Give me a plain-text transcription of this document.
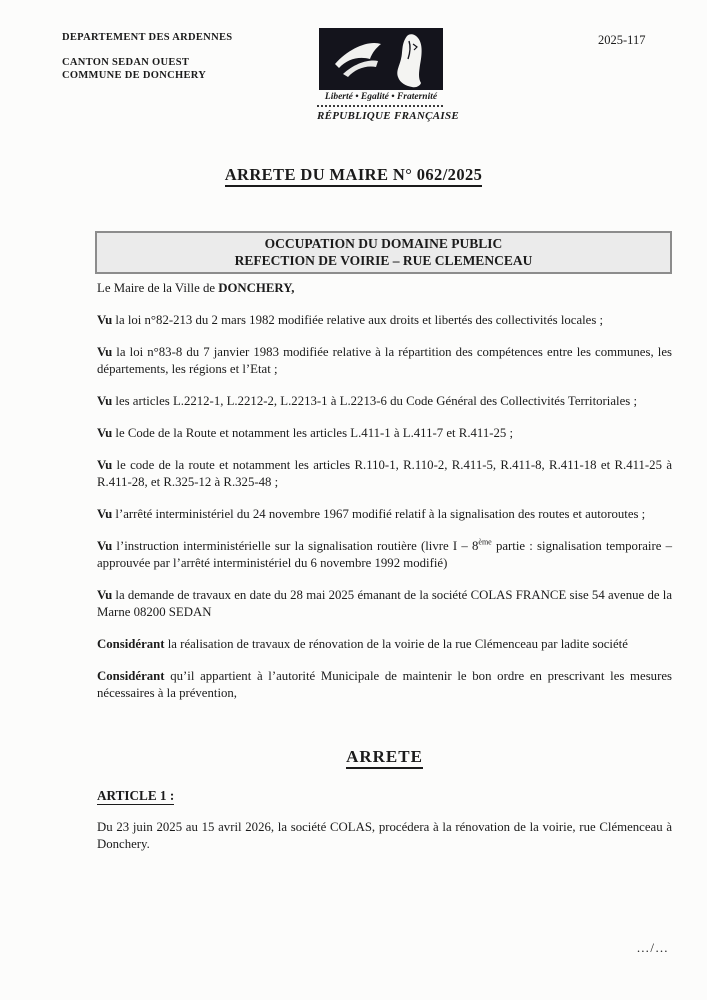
DEPARTEMENT DES ARDENNES
CANTON SEDAN OUEST
COMMUNE DE DONCHERY
2025-117
Liberté • Egalité • Fraternité
RÉPUBLIQUE FRANÇAISE
ARRETE DU MAIRE N° 062/2025
OCCUPATION DU DOMAINE PUBLIC
REFECTION DE VOIRIE – RUE CLEMENCEAU

Le Maire de la Ville de DONCHERY,

Vu la loi n°82-213 du 2 mars 1982 modifiée relative aux droits et libertés des collectivités locales ;

Vu la loi n°83-8 du 7 janvier 1983 modifiée relative à la répartition des compétences entre les communes, les départements, les régions et l’Etat ;

Vu les articles L.2212-1, L.2212-2, L.2213-1 à L.2213-6 du Code Général des Collectivités Territoriales ;

Vu le Code de la Route et notamment les articles L.411-1 à L.411-7 et R.411-25 ;

Vu le code de la route et notamment les articles R.110-1, R.110-2, R.411-5, R.411-8, R.411-18 et R.411-25 à R.411-28, et R.325-12 à R.325-48 ;

Vu l’arrêté interministériel du 24 novembre 1967 modifié relatif à la signalisation des routes et autoroutes ;

Vu l’instruction interministérielle sur la signalisation routière (livre I – 8ème partie : signalisation temporaire – approuvée par l’arrêté interministériel du 6 novembre 1992 modifié)

Vu la demande de travaux en date du 28 mai 2025 émanant de la société COLAS FRANCE sise 54 avenue de la Marne 08200 SEDAN

Considérant la réalisation de travaux de rénovation de la voirie de la rue Clémenceau par ladite société

Considérant qu’il appartient à l’autorité Municipale de maintenir le bon ordre en prescrivant les mesures nécessaires à la prévention,

ARRETE

ARTICLE 1 :

Du 23 juin 2025 au 15 avril 2026, la société COLAS, procédera à la rénovation de la voirie, rue Clémenceau à Donchery.

…/…
